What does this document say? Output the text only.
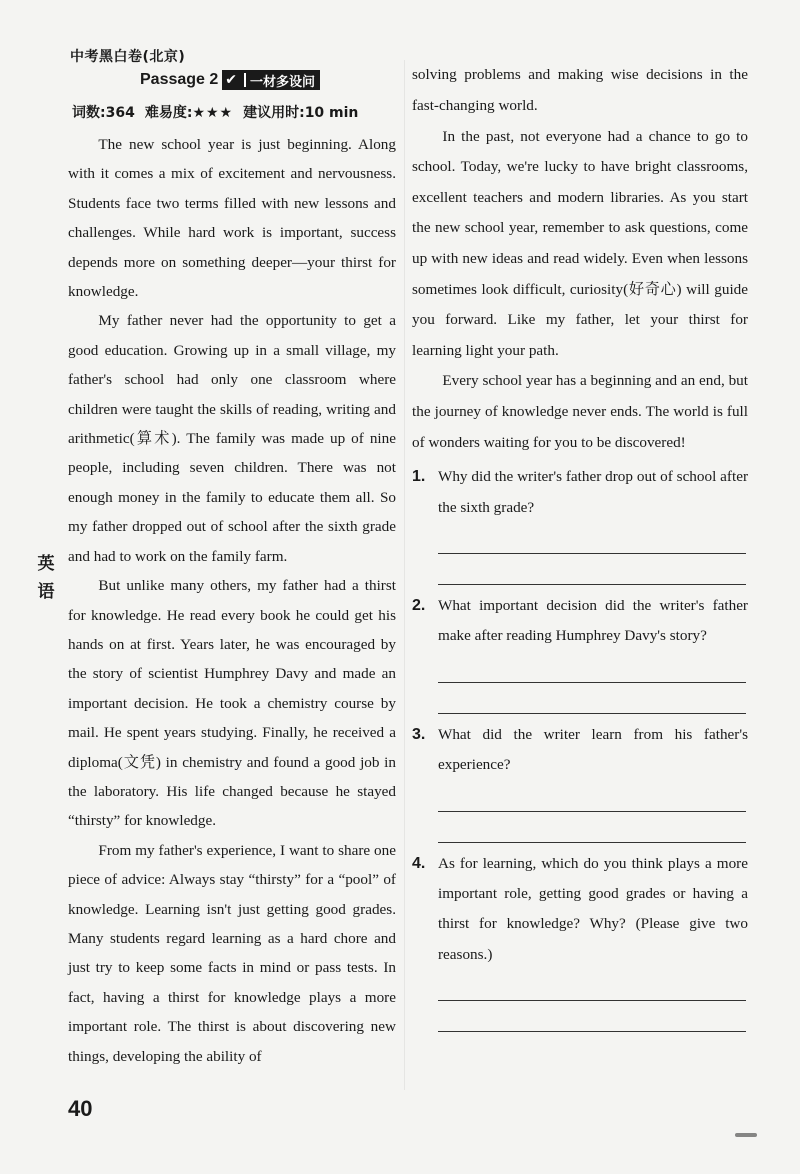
中考黑白卷(北京)
Passage 2 ✔ 一材多设问
词数:364 难易度:★★★ 建议用时:10 min

The new school year is just beginning. Along with it comes a mix of excitement and nervousness. Students face two terms filled with new lessons and challenges. While hard work is important, success depends more on something deeper—your thirst for knowledge.

My father never had the opportunity to get a good education. Growing up in a small village, my father's school had only one classroom where children were taught the skills of reading, writing and arithmetic(算术). The family was made up of nine people, including seven children. There was not enough money in the family to educate them all. So my father dropped out of school after the sixth grade and had to work on the family farm.

But unlike many others, my father had a thirst for knowledge. He read every book he could get his hands on at first. Years later, he was encouraged by the story of scientist Humphrey Davy and made an important decision. He took a chemistry course by mail. He spent years studying. Finally, he received a diploma(文凭) in chemistry and found a good job in the laboratory. His life changed because he stayed “thirsty” for knowledge.

From my father's experience, I want to share one piece of advice: Always stay “thirsty” for a “pool” of knowledge. Learning isn't just getting good grades. Many students regard learning as a hard chore and just try to keep some facts in mind or pass tests. In fact, having a thirst for knowledge plays a more important role. The thirst is about discovering new things, developing the ability of

solving problems and making wise decisions in the fast-changing world.

In the past, not everyone had a chance to go to school. Today, we're lucky to have bright classrooms, excellent teachers and modern libraries. As you start the new school year, remember to ask questions, come up with new ideas and read widely. Even when lessons sometimes look difficult, curiosity(好奇心) will guide you forward. Like my father, let your thirst for learning light your path.

Every school year has a beginning and an end, but the journey of knowledge never ends. The world is full of wonders waiting for you to be discovered!

1. Why did the writer's father drop out of school after the sixth grade?
2. What important decision did the writer's father make after reading Humphrey Davy's story?
3. What did the writer learn from his father's experience?
4. As for learning, which do you think plays a more important role, getting good grades or having a thirst for knowledge? Why? (Please give two reasons.)
英语
40
